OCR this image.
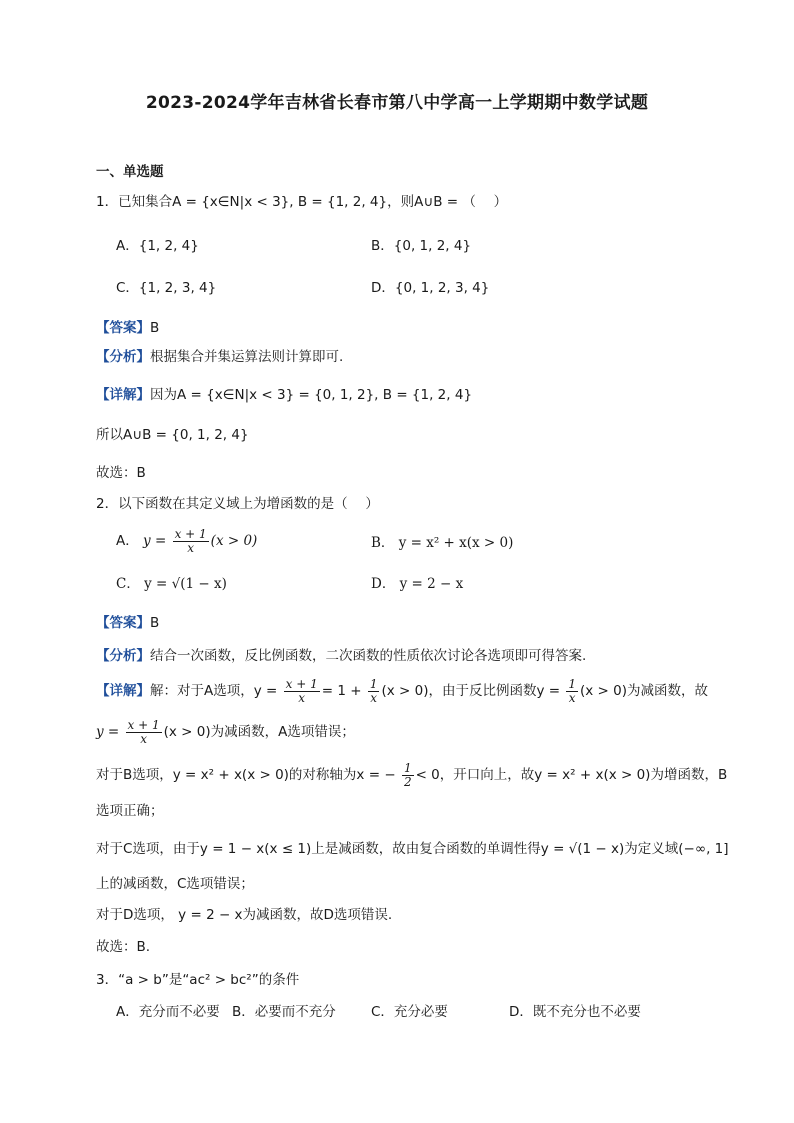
2023-2024学年吉林省长春市第八中学高一上学期期中数学试题
一、单选题
1．已知集合A = {x∈N|x < 3}, B = {1, 2, 4}，则A∪B = （　 ）
A．{1, 2, 4}	B．{0, 1, 2, 4}
C．{1, 2, 3, 4}	D．{0, 1, 2, 3, 4}
【答案】B
【分析】根据集合并集运算法则计算即可.
【详解】因为A = {x∈N|x < 3} = {0, 1, 2}, B = {1, 2, 4}
所以A∪B = {0, 1, 2, 4}
故选：B
2．以下函数在其定义域上为增函数的是（　 ）
A． $y = \frac{x + 1}{x} (x > 0)$	B． y = x² + x(x > 0)
C． y = √(1 − x)	D． y = 2 − x
【答案】B
【分析】结合一次函数，反比例函数，二次函数的性质依次讨论各选项即可得答案.
【详解】解：对于A选项，$y = \frac{x + 1}{x} = 1 + \frac{1}{x} (x > 0)$，由于反比例函数$y = \frac{1}{x} (x > 0)$为减函数，故
$y = \frac{x + 1}{x} (x > 0)$为减函数，A选项错误；
对于B选项，y = x² + x(x > 0)的对称轴为x = − $\frac{1}{2} < 0$，开口向上，故y = x² + x(x > 0)为增函数，B
选项正确；
对于C选项，由于y = 1 − x(x ≤ 1)上是减函数，故由复合函数的单调性得y = √(1 − x)为定义域(−∞, 1]
上的减函数，C选项错误；
对于D选项， y = 2 − x为减函数，故D选项错误.
故选：B.
3．“a > b”是“ac² > bc²”的条件
A．充分而不必要 B．必要而不充分	C．充分必要	D．既不充分也不必要
